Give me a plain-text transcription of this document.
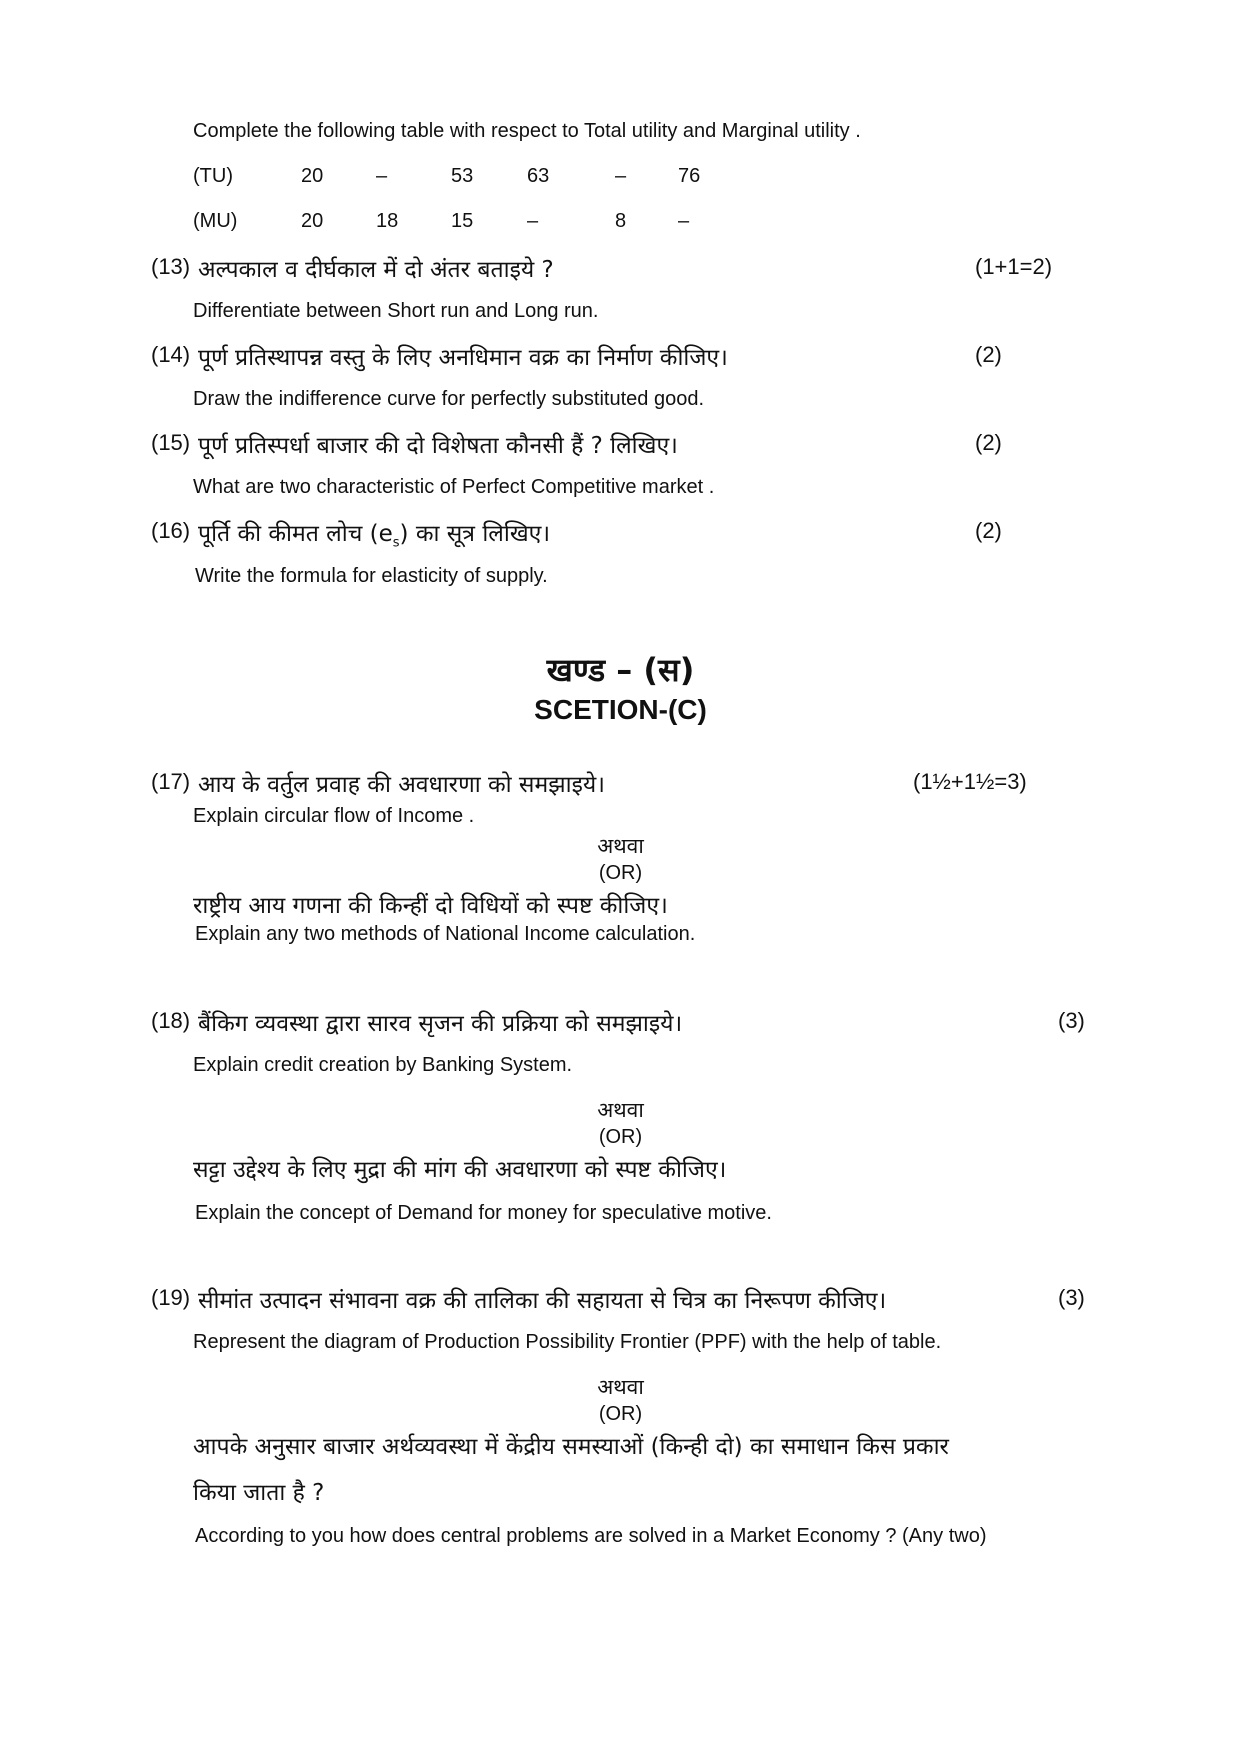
Complete the following table with respect to Total utility and Marginal utility .
(TU)	20	–	53	63	–	76
(MU)	20	18	15	–	8	–
(13) अल्पकाल व दीर्घकाल में दो अंतर बताइये ?	(1+1=2)
Differentiate between Short run and Long run.
(14) पूर्ण प्रतिस्थापन्न वस्तु के लिए अनधिमान वक्र का निर्माण कीजिए।	(2)
Draw the indifference curve for perfectly substituted good.
(15) पूर्ण प्रतिस्पर्धा बाजार की दो विशेषता कौनसी हैं ? लिखिए।	(2)
What are two characteristic of Perfect Competitive market .
(16) पूर्ति की कीमत लोच $(e_s)$ का सूत्र लिखिए।	(2)
Write the formula for elasticity of supply.
खण्ड – (स)
SCETION-(C)
(17) आय के वर्तुल प्रवाह की अवधारणा को समझाइये।	(1½+1½=3)
Explain circular flow of Income .
अथवा
(OR)
राष्ट्रीय आय गणना की किन्हीं दो विधियों को स्पष्ट कीजिए।
Explain any two methods of National Income calculation.
(18) बैंकिग व्यवस्था द्वारा सारव सृजन की प्रक्रिया को समझाइये।	(3)
Explain credit creation by Banking System.
अथवा
(OR)
सट्टा उद्देश्य के लिए मुद्रा की मांग की अवधारणा को स्पष्ट कीजिए।
Explain the concept of Demand for money for speculative motive.
(19) सीमांत उत्पादन संभावना वक्र की तालिका की सहायता से चित्र का निरूपण कीजिए।	(3)
Represent the diagram of Production Possibility Frontier (PPF) with the help of table.
अथवा
(OR)
आपके अनुसार बाजार अर्थव्यवस्था में केंद्रीय समस्याओं (किन्ही दो) का समाधान किस प्रकार
किया जाता है ?
According to you how does central problems are solved in a Market Economy ? (Any two)
